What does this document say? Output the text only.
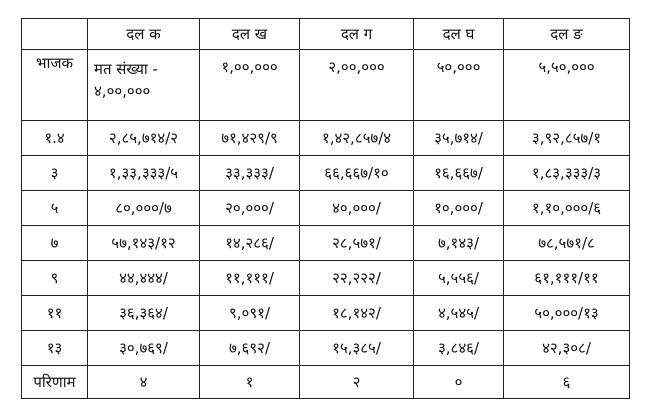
	दल क	दल ख	दल ग	दल घ	दल ङ
भाजक	मत संख्या - ४,००,०००	१,००,०००	२,००,०००	५०,०००	५,५०,०००
१.४	२,८५,७१४/२	७१,४२९/९	१,४२,८५७/४	३५,७१४/	३,९२,८५७/१
३	१,३३,३३३/५	३३,३३३/	६६,६६७/१०	१६,६६७/	१,८३,३३३/३
५	८०,०००/७	२०,०००/	४०,०००/	१०,०००/	१,१०,०००/६
७	५७,१४३/१२	१४,२८६/	२८,५७१/	७,१४३/	७८,५७१/८
९	४४,४४४/	११,१११/	२२,२२२/	५,५५६/	६१,१११/११
११	३६,३६४/	९,०९१/	१८,१४२/	४,५४५/	५०,०००/१३
१३	३०,७६९/	७,६९२/	१५,३८५/	३,८४६/	४२,३०८/
परिणाम	४	१	२	०	६
